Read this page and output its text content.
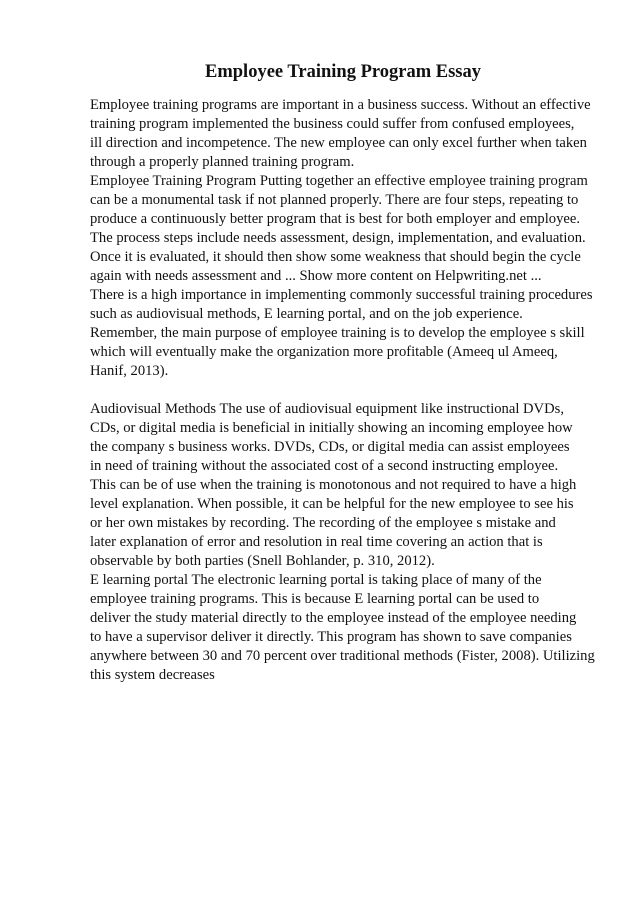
Employee Training Program Essay

Employee training programs are important in a business success. Without an effective
training program implemented the business could suffer from confused employees,
ill direction and incompetence. The new employee can only excel further when taken
through a properly planned training program.
Employee Training Program Putting together an effective employee training program
can be a monumental task if not planned properly. There are four steps, repeating to
produce a continuously better program that is best for both employer and employee.
The process steps include needs assessment, design, implementation, and evaluation.
Once it is evaluated, it should then show some weakness that should begin the cycle
again with needs assessment and ... Show more content on Helpwriting.net ...
There is a high importance in implementing commonly successful training procedures
such as audiovisual methods, E learning portal, and on the job experience.
Remember, the main purpose of employee training is to develop the employee s skill
which will eventually make the organization more profitable (Ameeq ul Ameeq,
Hanif, 2013).

Audiovisual Methods The use of audiovisual equipment like instructional DVDs,
CDs, or digital media is beneficial in initially showing an incoming employee how
the company s business works. DVDs, CDs, or digital media can assist employees
in need of training without the associated cost of a second instructing employee.
This can be of use when the training is monotonous and not required to have a high
level explanation. When possible, it can be helpful for the new employee to see his
or her own mistakes by recording. The recording of the employee s mistake and
later explanation of error and resolution in real time covering an action that is
observable by both parties (Snell Bohlander, p. 310, 2012).
E learning portal The electronic learning portal is taking place of many of the
employee training programs. This is because E learning portal can be used to
deliver the study material directly to the employee instead of the employee needing
to have a supervisor deliver it directly. This program has shown to save companies
anywhere between 30 and 70 percent over traditional methods (Fister, 2008). Utilizing
this system decreases
